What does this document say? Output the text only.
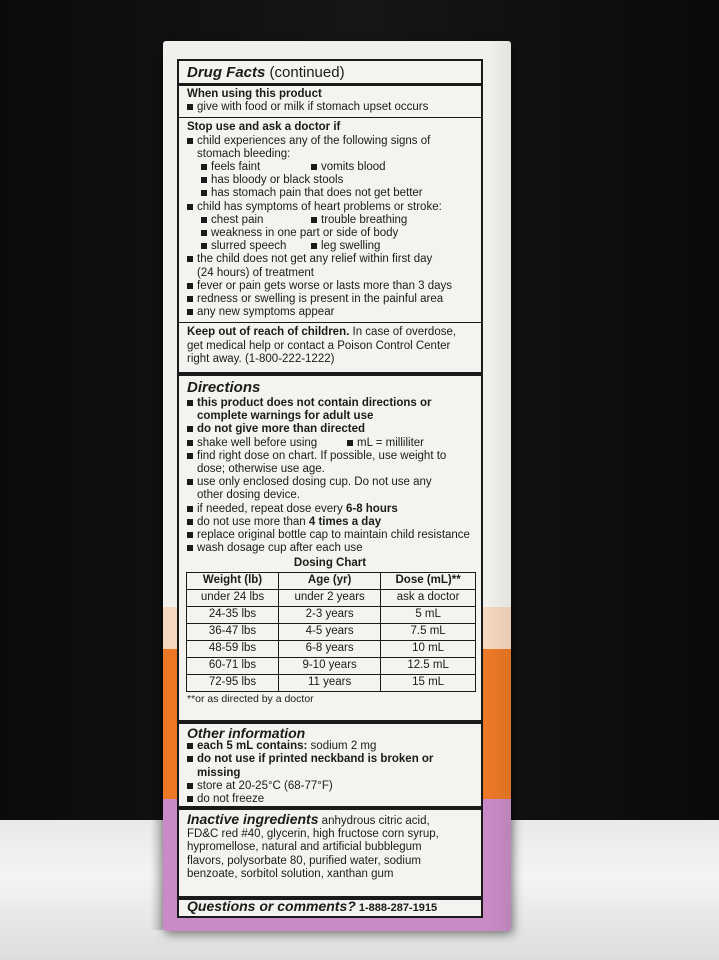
Drug Facts (continued)
When using this product
give with food or milk if stomach upset occurs
Stop use and ask a doctor if
child experiences any of the following signs of
stomach bleeding:
feels faint	vomits blood
has bloody or black stools
has stomach pain that does not get better
child has symptoms of heart problems or stroke:
chest pain	trouble breathing
weakness in one part or side of body
slurred speech	leg swelling
the child does not get any relief within first day
(24 hours) of treatment
fever or pain gets worse or lasts more than 3 days
redness or swelling is present in the painful area
any new symptoms appear
Keep out of reach of children. In case of overdose,
get medical help or contact a Poison Control Center
right away. (1-800-222-1222)
Directions
this product does not contain directions or
complete warnings for adult use
do not give more than directed
shake well before using	mL = milliliter
find right dose on chart. If possible, use weight to
dose; otherwise use age.
use only enclosed dosing cup. Do not use any
other dosing device.
if needed, repeat dose every 6-8 hours
do not use more than 4 times a day
replace original bottle cap to maintain child resistance
wash dosage cup after each use
Dosing Chart
Weight (lb)	Age (yr)	Dose (mL)**
under 24 lbs	under 2 years	ask a doctor
24-35 lbs	2-3 years	5 mL
36-47 lbs	4-5 years	7.5 mL
48-59 lbs	6-8 years	10 mL
60-71 lbs	9-10 years	12.5 mL
72-95 lbs	11 years	15 mL
**or as directed by a doctor
Other information
each 5 mL contains: sodium 2 mg
do not use if printed neckband is broken or
missing
store at 20-25°C (68-77°F)
do not freeze
Inactive ingredients anhydrous citric acid,
FD&C red #40, glycerin, high fructose corn syrup,
hypromellose, natural and artificial bubblegum
flavors, polysorbate 80, purified water, sodium
benzoate, sorbitol solution, xanthan gum
Questions or comments? 1-888-287-1915
